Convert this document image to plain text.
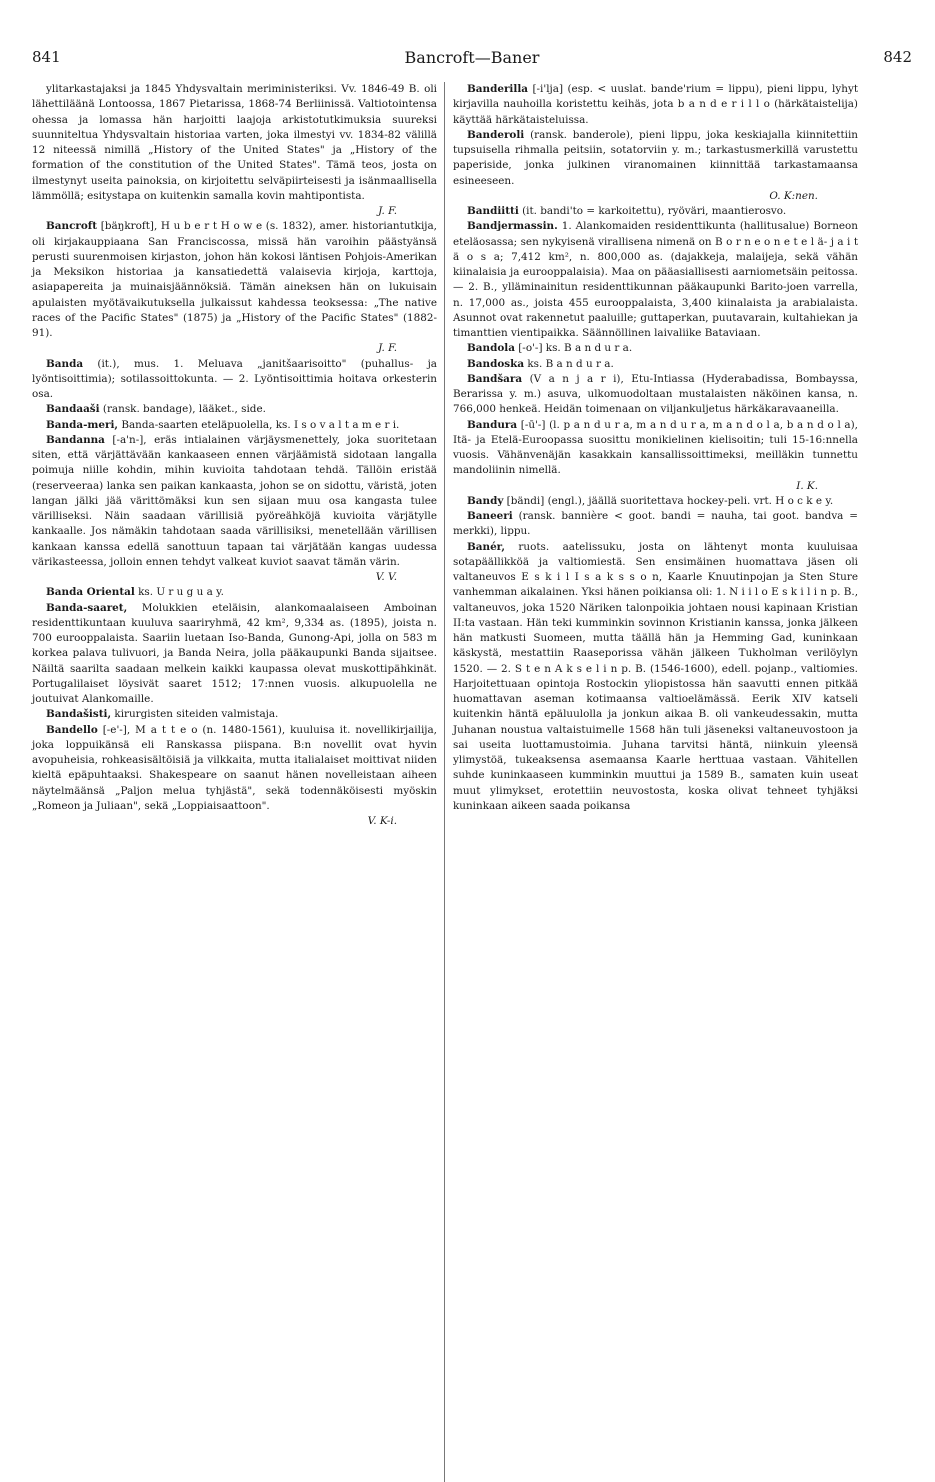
841	Bancroft—Baner	842

ylitarkastajaksi ja 1845 Yhdysvaltain meriministeriksi. Vv. 1846-49 B. oli lähettiläänä Lontoossa, 1867 Pietarissa, 1868-74 Berliinissä. Valtiotointensa ohessa ja lomassa hän harjoitti laajoja arkistotutkimuksia suureksi suunniteltua Yhdysvaltain historiaa varten, joka ilmestyi vv. 1834-82 välillä 12 niteessä nimillä „History of the United States" ja „History of the formation of the constitution of the United States". Tämä teos, josta on ilmestynyt useita painoksia, on kirjoitettu selväpiirteisesti ja isänmaallisella lämmöllä; esitystapa on kuitenkin samalla kovin mahtipontista.

J. F.

Bancroft [bäŋkroft], H u b e r t H o w e (s. 1832), amer. historiantutkija, oli kirjakauppiaana San Franciscossa, missä hän varoihin päästyänsä perusti suurenmoisen kirjaston, johon hän kokosi läntisen Pohjois-Amerikan ja Meksikon historiaa ja kansatiedettä valaisevia kirjoja, karttoja, asiapapereita ja muinaisjäännöksiä. Tämän aineksen hän on lukuisain apulaisten myötävaikutuksella julkaissut kahdessa teoksessa: „The native races of the Pacific States" (1875) ja „History of the Pacific States" (1882-91).

J. F.

Banda (it.), mus. 1. Meluava „janitšaarisoitto" (puhallus- ja lyöntisoittimia); sotilassoittokunta. — 2. Lyöntisoittimia hoitava orkesterin osa.

Bandaaši (ransk. bandage), lääket., side.

Banda-meri, Banda-saarten eteläpuolella, ks. I s o v a l t a m e r i.

Bandanna [-a'n-], eräs intialainen värjäysmenettely, joka suoritetaan siten, että värjättävään kankaaseen ennen värjäämistä sidotaan langalla poimuja niille kohdin, mihin kuvioita tahdotaan tehdä. Tällöin eristää (reserveeraa) lanka sen paikan kankaasta, johon se on sidottu, väristä, joten langan jälki jää värittömäksi kun sen sijaan muu osa kangasta tulee värilliseksi. Näin saadaan värillisiä pyöreähköjä kuvioita värjätylle kankaalle. Jos nämäkin tahdotaan saada värillisiksi, menetellään värillisen kankaan kanssa edellä sanottuun tapaan tai värjätään kangas uudessa värikasteessa, jolloin ennen tehdyt valkeat kuviot saavat tämän värin.

V. V.

Banda Oriental ks. U r u g u a y.

Banda-saaret, Molukkien eteläisin, alankomaalaiseen Amboinan residenttikuntaan kuuluva saariryhmä, 42 km², 9,334 as. (1895), joista n. 700 eurooppalaista. Saariin luetaan Iso-Banda, Gunong-Api, jolla on 583 m korkea palava tulivuori, ja Banda Neira, jolla pääkaupunki Banda sijaitsee. Näiltä saarilta saadaan melkein kaikki kaupassa olevat muskottipähkinät. Portugalilaiset löysivät saaret 1512; 17:nnen vuosis. alkupuolella ne joutuivat Alankomaille.

Bandašisti, kirurgisten siteiden valmistaja.

Bandello [-e'-], M a t t e o (n. 1480-1561), kuuluisa it. novellikirjailija, joka loppuikänsä eli Ranskassa piispana. B:n novellit ovat hyvin avopuheisia, rohkeasisältöisiä ja vilkkaita, mutta italialaiset moittivat niiden kieltä epäpuhtaaksi. Shakespeare on saanut hänen novelleistaan aiheen näytelmäänsä „Paljon melua tyhjästä", sekä todennäköisesti myöskin „Romeon ja Juliaan", sekä „Loppiaisaattoon".

V. K-i.

Banderilla [-i'lja] (esp. < uuslat. bande'rium = lippu), pieni lippu, lyhyt kirjavilla nauhoilla koristettu keihäs, jota b a n d e r i l l o (härkätaistelija) käyttää härkätaisteluissa.

Banderoli (ransk. banderole), pieni lippu, joka keskiajalla kiinnitettiin tupsuisella rihmalla peitsiin, sotatorviin y. m.; tarkastusmerkillä varustettu paperiside, jonka julkinen viranomainen kiinnittää tarkastamaansa esineeseen.

O. K:nen.

Bandiitti (it. bandi'to = karkoitettu), ryöväri, maantierosvo.

Bandjermassin. 1. Alankomaiden residenttikunta (hallitusalue) Borneon eteläosassa; sen nykyisenä virallisena nimenä on B o r n e o n e t e l ä- j a i t ä o s a; 7,412 km², n. 800,000 as. (dajakkeja, malaijeja, sekä vähän kiinalaisia ja eurooppalaisia). Maa on pääasiallisesti aarniometsäin peitossa. — 2. B., ylläminainitun residenttikunnan pääkaupunki Barito-joen varrella, n. 17,000 as., joista 455 eurooppalaista, 3,400 kiinalaista ja arabialaista. Asunnot ovat rakennetut paaluille; guttaperkan, puutavarain, kultahiekan ja timanttien vientipaikka. Säännöllinen laivaliike Bataviaan.

Bandola [-o'-] ks. B a n d u r a.

Bandoska ks. B a n d u r a.

Bandšara (V a n j a r i), Etu-Intiassa (Hyderabadissa, Bombayssa, Berarissa y. m.) asuva, ulkomuodoltaan mustalaisten näköinen kansa, n. 766,000 henkeä. Heidän toimenaan on viljankuljetus härkäkaravaaneilla.

Bandura [-ū'-] (l. p a n d u r a, m a n d u r a, m a n d o l a, b a n d o l a), Itä- ja Etelä-Euroopassa suosittu monikielinen kielisoitin; tuli 15-16:nnella vuosis. Vähänvenäjän kasakkain kansallissoittimeksi, meilläkin tunnettu mandoliinin nimellä.

I. K.

Bandy [bändi] (engl.), jäällä suoritettava hockey-peli. vrt. H o c k e y.

Baneeri (ransk. bannière < goot. bandi = nauha, tai goot. bandva = merkki), lippu.

Banér, ruots. aatelissuku, josta on lähtenyt monta kuuluisaa sotapäällikköä ja valtiomiestä. Sen ensimäinen huomattava jäsen oli valtaneuvos E s k i l I s a k s s o n, Kaarle Knuutinpojan ja Sten Sture vanhemman aikalainen. Yksi hänen poikiansa oli: 1. N i i l o E s k i l i n p. B., valtaneuvos, joka 1520 Näriken talonpoikia johtaen nousi kapinaan Kristian II:ta vastaan. Hän teki kumminkin sovinnon Kristianin kanssa, jonka jälkeen hän matkusti Suomeen, mutta täällä hän ja Hemming Gad, kuninkaan käskystä, mestattiin Raaseporissa vähän jälkeen Tukholman verilöylyn 1520. — 2. S t e n A k s e l i n p. B. (1546-1600), edell. pojanp., valtiomies. Harjoitettuaan opintoja Rostockin yliopistossa hän saavutti ennen pitkää huomattavan aseman kotimaansa valtioelämässä. Eerik XIV katseli kuitenkin häntä epäluulolla ja jonkun aikaa B. oli vankeudessakin, mutta Juhanan noustua valtaistuimelle 1568 hän tuli jäseneksi valtaneuvostoon ja sai useita luottamustoimia. Juhana tarvitsi häntä, niinkuin yleensä ylimystöä, tukeaksensa asemaansa Kaarle herttuaa vastaan. Vähitellen suhde kuninkaaseen kumminkin muuttui ja 1589 B., samaten kuin useat muut ylimykset, erotettiin neuvostosta, koska olivat tehneet tyhjäksi kuninkaan aikeen saada poikansa
